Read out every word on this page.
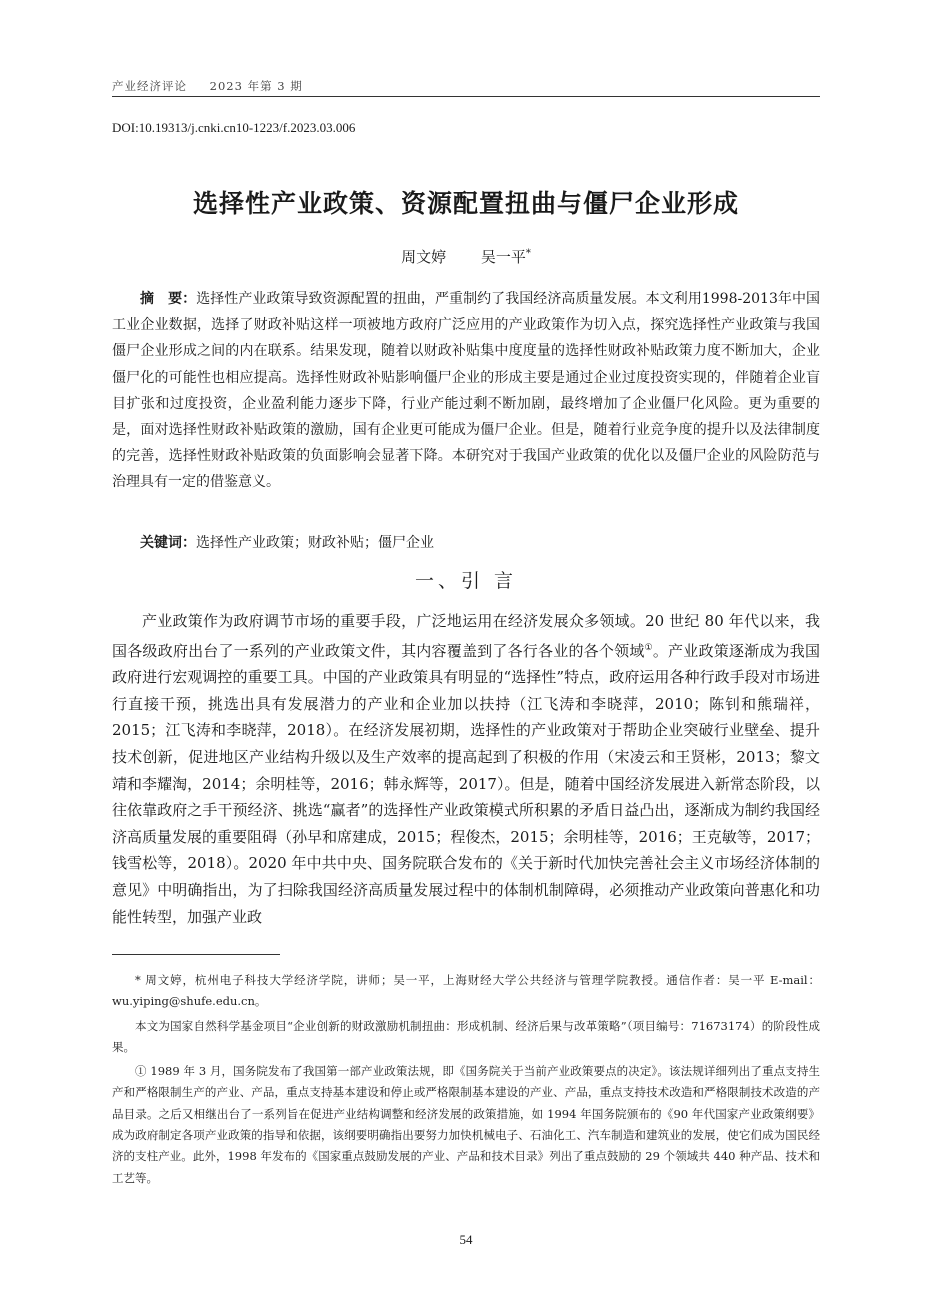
产业经济评论 2023 年第 3 期
DOI:10.19313/j.cnki.cn10-1223/f.2023.03.006
选择性产业政策、资源配置扭曲与僵尸企业形成
周文婷 吴一平*
摘　要：选择性产业政策导致资源配置的扭曲，严重制约了我国经济高质量发展。本文利用1998-2013年中国工业企业数据，选择了财政补贴这样一项被地方政府广泛应用的产业政策作为切入点，探究选择性产业政策与我国僵尸企业形成之间的内在联系。结果发现，随着以财政补贴集中度度量的选择性财政补贴政策力度不断加大，企业僵尸化的可能性也相应提高。选择性财政补贴影响僵尸企业的形成主要是通过企业过度投资实现的，伴随着企业盲目扩张和过度投资，企业盈利能力逐步下降，行业产能过剩不断加剧，最终增加了企业僵尸化风险。更为重要的是，面对选择性财政补贴政策的激励，国有企业更可能成为僵尸企业。但是，随着行业竞争度的提升以及法律制度的完善，选择性财政补贴政策的负面影响会显著下降。本研究对于我国产业政策的优化以及僵尸企业的风险防范与治理具有一定的借鉴意义。
关键词：选择性产业政策；财政补贴；僵尸企业
一、引 言
产业政策作为政府调节市场的重要手段，广泛地运用在经济发展众多领域。20 世纪 80 年代以来，我国各级政府出台了一系列的产业政策文件，其内容覆盖到了各行各业的各个领域①。产业政策逐渐成为我国政府进行宏观调控的重要工具。中国的产业政策具有明显的“选择性”特点，政府运用各种行政手段对市场进行直接干预，挑选出具有发展潜力的产业和企业加以扶持（江飞涛和李晓萍，2010；陈钊和熊瑞祥，2015；江飞涛和李晓萍，2018）。在经济发展初期，选择性的产业政策对于帮助企业突破行业壁垒、提升技术创新，促进地区产业结构升级以及生产效率的提高起到了积极的作用（宋凌云和王贤彬，2013；黎文靖和李耀淘，2014；余明桂等，2016；韩永辉等，2017）。但是，随着中国经济发展进入新常态阶段，以往依靠政府之手干预经济、挑选“赢者”的选择性产业政策模式所积累的矛盾日益凸出，逐渐成为制约我国经济高质量发展的重要阻碍（孙早和席建成，2015；程俊杰，2015；余明桂等，2016；王克敏等，2017；钱雪松等，2018）。2020 年中共中央、国务院联合发布的《关于新时代加快完善社会主义市场经济体制的意见》中明确指出，为了扫除我国经济高质量发展过程中的体制机制障碍，必须推动产业政策向普惠化和功能性转型，加强产业政

* 周文婷，杭州电子科技大学经济学院，讲师；吴一平，上海财经大学公共经济与管理学院教授。通信作者：吴一平 E-mail：wu.yiping@shufe.edu.cn。

本文为国家自然科学基金项目“企业创新的财政激励机制扭曲：形成机制、经济后果与改革策略”（项目编号：71673174）的阶段性成果。

① 1989 年 3 月，国务院发布了我国第一部产业政策法规，即《国务院关于当前产业政策要点的决定》。该法规详细列出了重点支持生产和严格限制生产的产业、产品，重点支持基本建设和停止或严格限制基本建设的产业、产品，重点支持技术改造和严格限制技术改造的产品目录。之后又相继出台了一系列旨在促进产业结构调整和经济发展的政策措施，如 1994 年国务院颁布的《90 年代国家产业政策纲要》成为政府制定各项产业政策的指导和依据，该纲要明确指出要努力加快机械电子、石油化工、汽车制造和建筑业的发展，使它们成为国民经济的支柱产业。此外，1998 年发布的《国家重点鼓励发展的产业、产品和技术目录》列出了重点鼓励的 29 个领域共 440 种产品、技术和工艺等。

54
